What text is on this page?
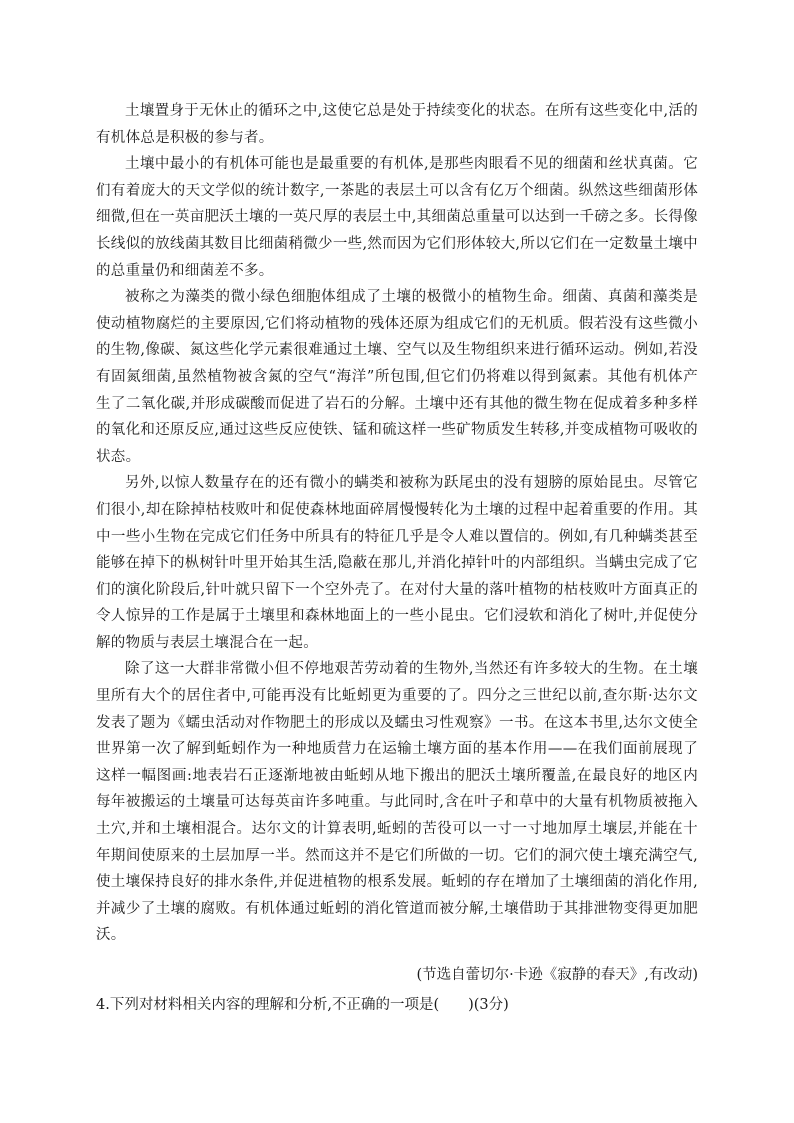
土壤置身于无休止的循环之中,这使它总是处于持续变化的状态。在所有这些变化中,活的有机体总是积极的参与者。

土壤中最小的有机体可能也是最重要的有机体,是那些肉眼看不见的细菌和丝状真菌。它们有着庞大的天文学似的统计数字,一茶匙的表层土可以含有亿万个细菌。纵然这些细菌形体细微,但在一英亩肥沃土壤的一英尺厚的表层土中,其细菌总重量可以达到一千磅之多。长得像长线似的放线菌其数目比细菌稍微少一些,然而因为它们形体较大,所以它们在一定数量土壤中的总重量仍和细菌差不多。

被称之为藻类的微小绿色细胞体组成了土壤的极微小的植物生命。细菌、真菌和藻类是使动植物腐烂的主要原因,它们将动植物的残体还原为组成它们的无机质。假若没有这些微小的生物,像碳、氮这些化学元素很难通过土壤、空气以及生物组织来进行循环运动。例如,若没有固氮细菌,虽然植物被含氮的空气“海洋”所包围,但它们仍将难以得到氮素。其他有机体产生了二氧化碳,并形成碳酸而促进了岩石的分解。土壤中还有其他的微生物在促成着多种多样的氧化和还原反应,通过这些反应使铁、锰和硫这样一些矿物质发生转移,并变成植物可吸收的状态。

另外,以惊人数量存在的还有微小的螨类和被称为跃尾虫的没有翅膀的原始昆虫。尽管它们很小,却在除掉枯枝败叶和促使森林地面碎屑慢慢转化为土壤的过程中起着重要的作用。其中一些小生物在完成它们任务中所具有的特征几乎是令人难以置信的。例如,有几种螨类甚至能够在掉下的枞树针叶里开始其生活,隐蔽在那儿,并消化掉针叶的内部组织。当螨虫完成了它们的演化阶段后,针叶就只留下一个空外壳了。在对付大量的落叶植物的枯枝败叶方面真正的令人惊异的工作是属于土壤里和森林地面上的一些小昆虫。它们浸软和消化了树叶,并促使分解的物质与表层土壤混合在一起。

除了这一大群非常微小但不停地艰苦劳动着的生物外,当然还有许多较大的生物。在土壤里所有大个的居住者中,可能再没有比蚯蚓更为重要的了。四分之三世纪以前,查尔斯·达尔文发表了题为《蠕虫活动对作物肥土的形成以及蠕虫习性观察》一书。在这本书里,达尔文使全世界第一次了解到蚯蚓作为一种地质营力在运输土壤方面的基本作用——在我们面前展现了这样一幅图画:地表岩石正逐渐地被由蚯蚓从地下搬出的肥沃土壤所覆盖,在最良好的地区内每年被搬运的土壤量可达每英亩许多吨重。与此同时,含在叶子和草中的大量有机物质被拖入土穴,并和土壤相混合。达尔文的计算表明,蚯蚓的苦役可以一寸一寸地加厚土壤层,并能在十年期间使原来的土层加厚一半。然而这并不是它们所做的一切。它们的洞穴使土壤充满空气,使土壤保持良好的排水条件,并促进植物的根系发展。蚯蚓的存在增加了土壤细菌的消化作用,并减少了土壤的腐败。有机体通过蚯蚓的消化管道而被分解,土壤借助于其排泄物变得更加肥沃。

(节选自蕾切尔·卡逊《寂静的春天》,有改动)
4.下列对材料相关内容的理解和分析,不正确的一项是(　　)(3分)
